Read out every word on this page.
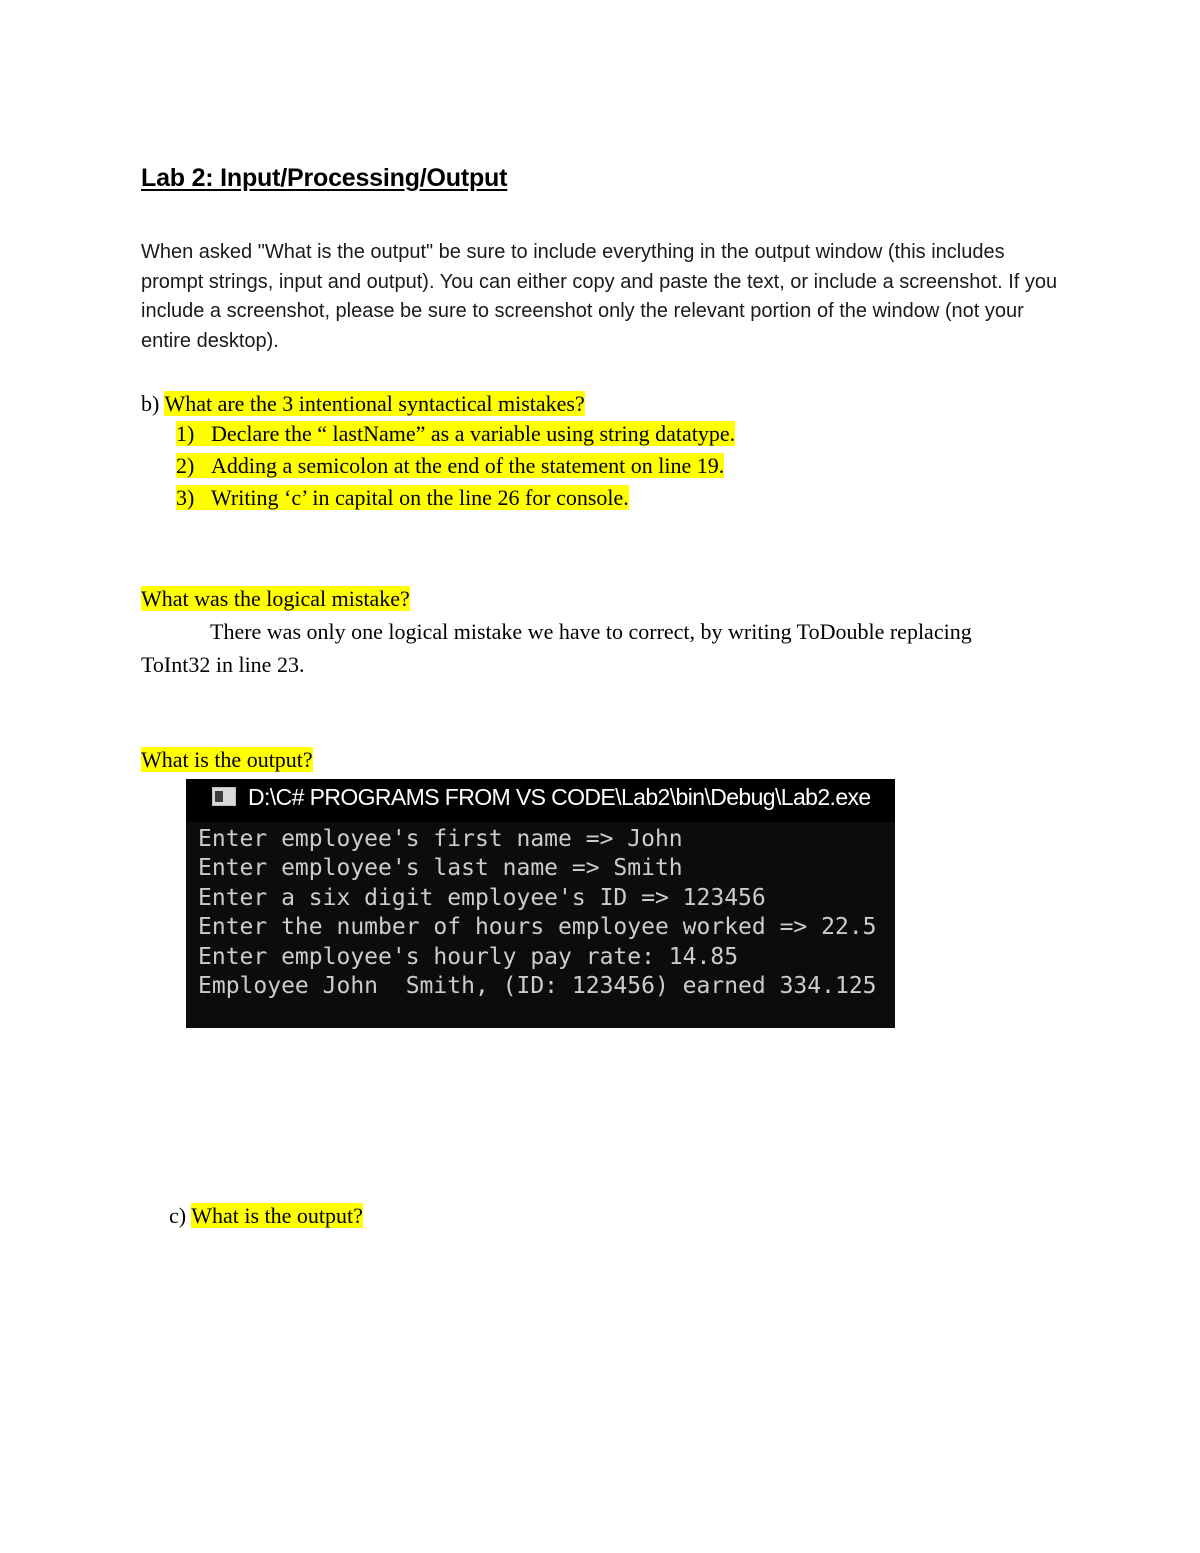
Lab 2: Input/Processing/Output
When asked "What is the output" be sure to include everything in the output window (this includes prompt strings, input and output). You can either copy and paste the text, or include a screenshot. If you include a screenshot, please be sure to screenshot only the relevant portion of the window (not your entire desktop).
b) What are the 3 intentional syntactical mistakes?
1) Declare the “ lastName” as a variable using string datatype.
2) Adding a semicolon at the end of the statement on line 19.
3) Writing ‘c’ in capital on the line 26 for console.
What was the logical mistake?
There was only one logical mistake we have to correct, by writing ToDouble replacing ToInt32 in line 23.
What is the output?
D:\C# PROGRAMS FROM VS CODE\Lab2\bin\Debug\Lab2.exe
Enter employee's first name => John
Enter employee's last name => Smith
Enter a six digit employee's ID => 123456
Enter the number of hours employee worked => 22.5
Enter employee's hourly pay rate: 14.85
Employee John  Smith, (ID: 123456) earned 334.125
c) What is the output?
